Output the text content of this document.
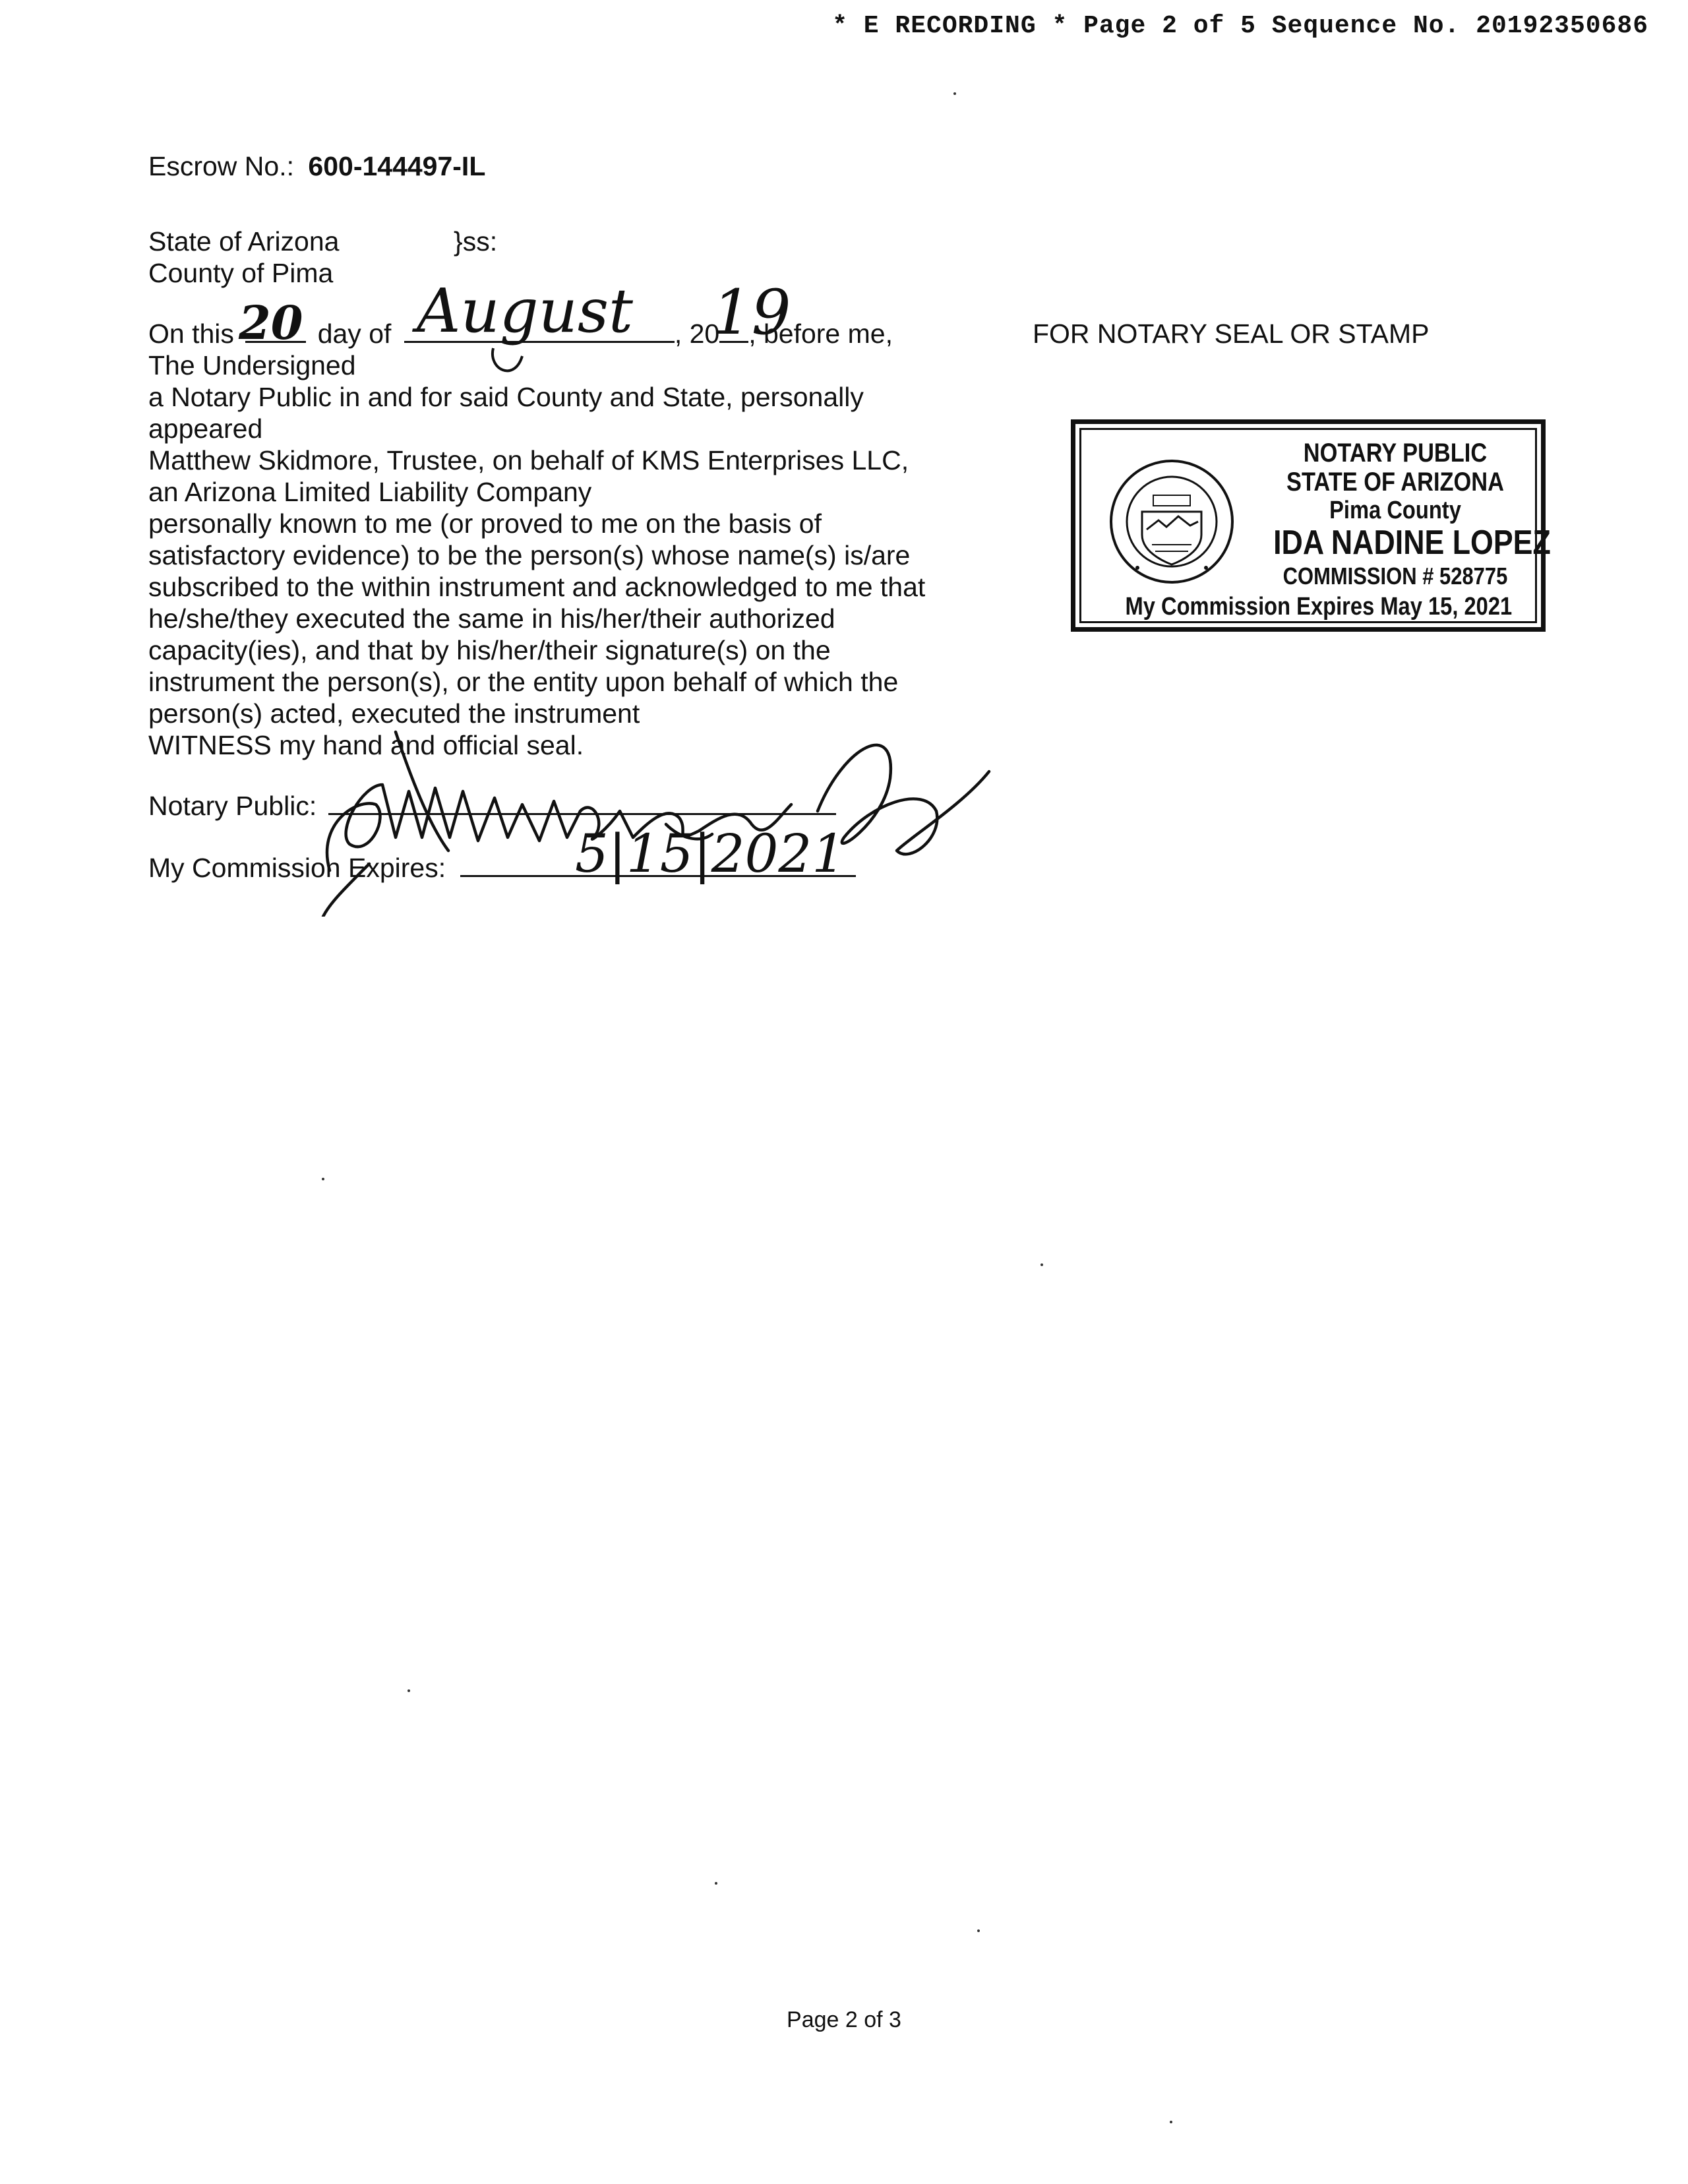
* E RECORDING * Page 2 of 5 Sequence No. 20192350686
Escrow No.: 600-144497-IL
State of Arizona	}ss:
County of Pima
On this	day of	, 20 , before me,
20 August 19
The Undersigned
a Notary Public in and for said County and State, personally
appeared
Matthew Skidmore, Trustee, on behalf of KMS Enterprises LLC,
an Arizona Limited Liability Company
personally known to me (or proved to me on the basis of
satisfactory evidence) to be the person(s) whose name(s) is/are
subscribed to the within instrument and acknowledged to me that
he/she/they executed the same in his/her/their authorized
capacity(ies), and that by his/her/their signature(s) on the
instrument the person(s), or the entity upon behalf of which the
person(s) acted, executed the instrument
WITNESS my hand and official seal.
Notary Public:
My Commission Expires:	5|15|2021
FOR NOTARY SEAL OR STAMP
NOTARY PUBLIC
STATE OF ARIZONA
Pima County
IDA NADINE LOPEZ
COMMISSION # 528775
My Commission Expires May 15, 2021
Page 2 of 3
